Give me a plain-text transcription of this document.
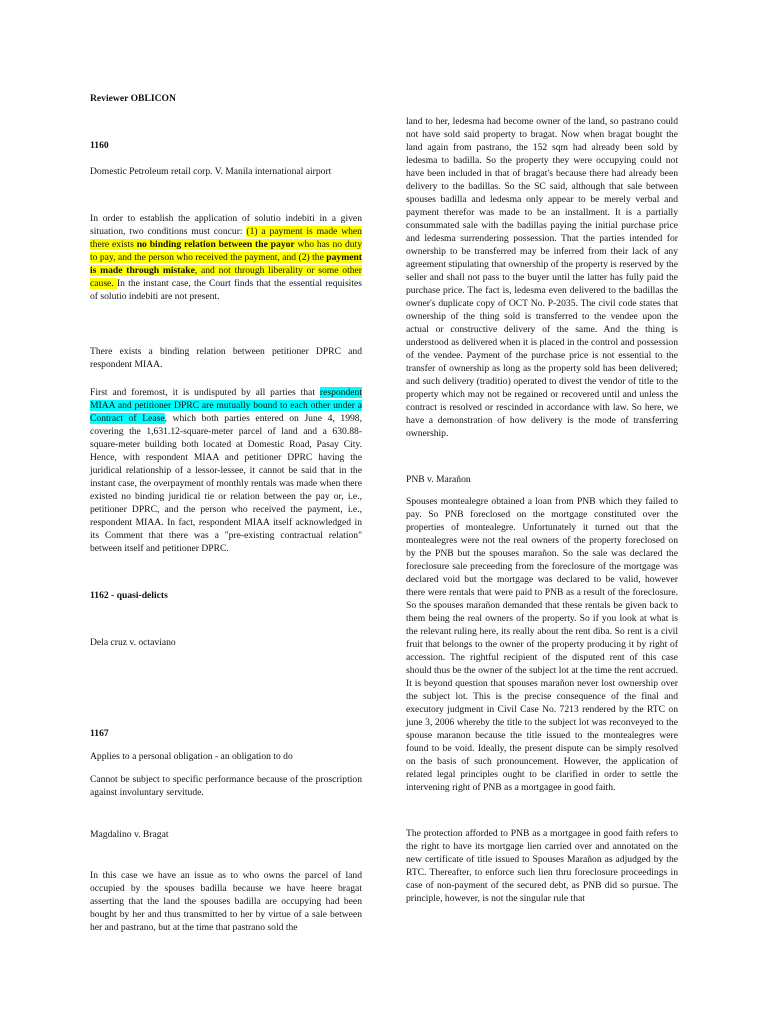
Reviewer OBLICON

1160

Domestic Petroleum retail corp. V. Manila international airport

In order to establish the application of solutio indebiti in a given situation, two conditions must concur: (1) a payment is made when there exists no binding relation between the payor who has no duty to pay, and the person who received the payment, and (2) the payment is made through mistake, and not through liberality or some other cause. In the instant case, the Court finds that the essential requisites of solutio indebiti are not present.

There exists a binding relation between petitioner DPRC and respondent MIAA.

First and foremost, it is undisputed by all parties that respondent MIAA and petitioner DPRC are mutually bound to each other under a Contract of Lease, which both parties entered on June 4, 1998, covering the 1,631.12-square-meter parcel of land and a 630.88-square-meter building both located at Domestic Road, Pasay City. Hence, with respondent MIAA and petitioner DPRC having the juridical relationship of a lessor-lessee, it cannot be said that in the instant case, the overpayment of monthly rentals was made when there existed no binding juridical tie or relation between the pay or, i.e., petitioner DPRC, and the person who received the payment, i.e., respondent MIAA. In fact, respondent MIAA itself acknowledged in its Comment that there was a "pre-existing contractual relation" between itself and petitioner DPRC.

1162 - quasi-delicts

Dela cruz v. octaviano

1167

Applies to a personal obligation - an obligation to do

Cannot be subject to specific performance because of the proscription against involuntary servitude.

Magdalino v. Bragat

In this case we have an issue as to who owns the parcel of land occupied by the spouses badilla because we have heere bragat asserting that the land the spouses badilla are occupying had been bought by her and thus transmitted to her by virtue of a sale between her and pastrano, but at the time that pastrano sold the

land to her, ledesma had become owner of the land, so pastrano could not have sold said property to bragat. Now when bragat bought the land again from pastrano, the 152 sqm had already been sold by ledesma to badilla. So the property they were occupying could not have been included in that of bragat's because there had already been delivery to the badillas. So the SC said, although that sale between spouses badilla and ledesma only appear to be merely verbal and payment therefor was made to be an installment. It is a partially consummated sale with the badillas paying the initial purchase price and ledesma surrendering possession. That the parties intended for ownership to be transferred may be inferred from their lack of any agreement stipulating that ownership of the property is reserved by the seller and shall not pass to the buyer until the latter has fully paid the purchase price. The fact is, ledesma even delivered to the badillas the owner's duplicate copy of OCT No. P-2035. The civil code states that ownership of the thing sold is transferred to the vendee upon the actual or constructive delivery of the same. And the thing is understood as delivered when it is placed in the control and possession of the vendee. Payment of the purchase price is not essential to the transfer of ownership as long as the property sold has been delivered; and such delivery (traditio) operated to divest the vendor of title to the property which may not be regained or recovered until and unless the contract is resolved or rescinded in accordance with law. So here, we have a demonstration of how delivery is the mode of transferring ownership.

PNB v. Marañon

Spouses montealegre obtained a loan from PNB which they failed to pay. So PNB foreclosed on the mortgage constituted over the properties of montealegre. Unfortunately it turned out that the montealegres were not the real owners of the property foreclosed on by the PNB but the spouses marañon. So the sale was declared the foreclosure sale preceeding from the foreclosure of the mortgage was declared void but the mortgage was declared to be valid, however there were rentals that were paid to PNB as a result of the foreclosure. So the spouses marañon demanded that these rentals be given back to them being the real owners of the property. So if you look at what is the relevant ruling here, its really about the rent diba. So rent is a civil fruit that belongs to the owner of the property producing it by right of accession. The rightful recipient of the disputed rent of this case should thus be the owner of the subject lot at the time the rent accrued. It is beyond question that spouses marañon never lost ownership over the subject lot. This is the precise consequence of the final and executory judgment in Civil Case No. 7213 rendered by the RTC on june 3, 2006 whereby the title to the subject lot was reconveyed to the spouse maranon because the title issued to the montealegres were found to be void. Ideally, the present dispute can be simply resolved on the basis of such pronouncement. However, the application of related legal principles ought to be clarified in order to settle the intervening right of PNB as a mortgagee in good faith.

The protection afforded to PNB as a mortgagee in good faith refers to the right to have its mortgage lien carried over and annotated on the new certificate of title issued to Spouses Marañon as adjudged by the RTC. Thereafter, to enforce such lien thru foreclosure proceedings in case of non-payment of the secured debt, as PNB did so pursue. The principle, however, is not the singular rule that
